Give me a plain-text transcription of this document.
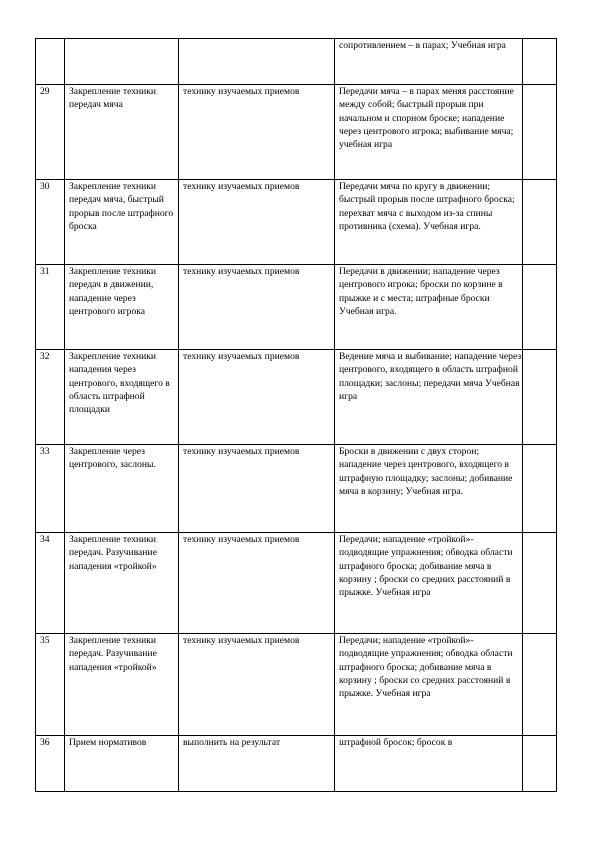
			сопротивлением – в парах; Учебная игра	
29	Закрепление техники передач мяча	технику изучаемых приемов	Передачи мяча – в парах меняя расстояние между собой; быстрый прорыв при начальном и спорном броске; нападение через центрового игрока; выбивание мяча; учебная игра	
30	Закрепление техники передач мяча, быстрый прорыв после штрафного броска	технику изучаемых приемов	Передачи мяча по кругу в движении; быстрый прорыв после штрафного броска; перехват мяча с выходом из-за спины противника (схема). Учебная игра.	
31	Закрепление техники передач в движении, нападение через центрового игрока	технику изучаемых приемов	Передачи в движении; нападение через центрового игрока; броски по корзине в прыжке и с места; штрафные броски Учебная игра.	
32	Закрепление техники нападения через центрового, входящего в область штрафной площадки	технику изучаемых приемов	Ведение мяча и выбивание; нападение через центрового, входящего в область штрафной площадки; заслоны; передачи мяча Учебная игра	
33	Закрепление через центрового, заслоны.	технику изучаемых приемов	Броски в движении с двух сторон; нападение через центрового, входящего в штрафную площадку; заслоны; добивание мяча в корзину; Учебная игра.	
34	Закрепление техники передач. Разучивание нападения «тройкой»	технику изучаемых приемов	Передачи; нападение «тройкой»-подводящие упражнения; обводка области штрафного броска; добивание мяча в корзину ; броски со средних расстояний в прыжке. Учебная игра	
35	Закрепление техники передач. Разучивание нападения «тройкой»	технику изучаемых приемов	Передачи; нападение «тройкой»-подводящие упражнения; обводка области штрафного броска; добивание мяча в корзину ; броски со средних расстояний в прыжке. Учебная игра	
36	Прием нормативов	выполнить на результат	штрафной бросок; бросок в	
